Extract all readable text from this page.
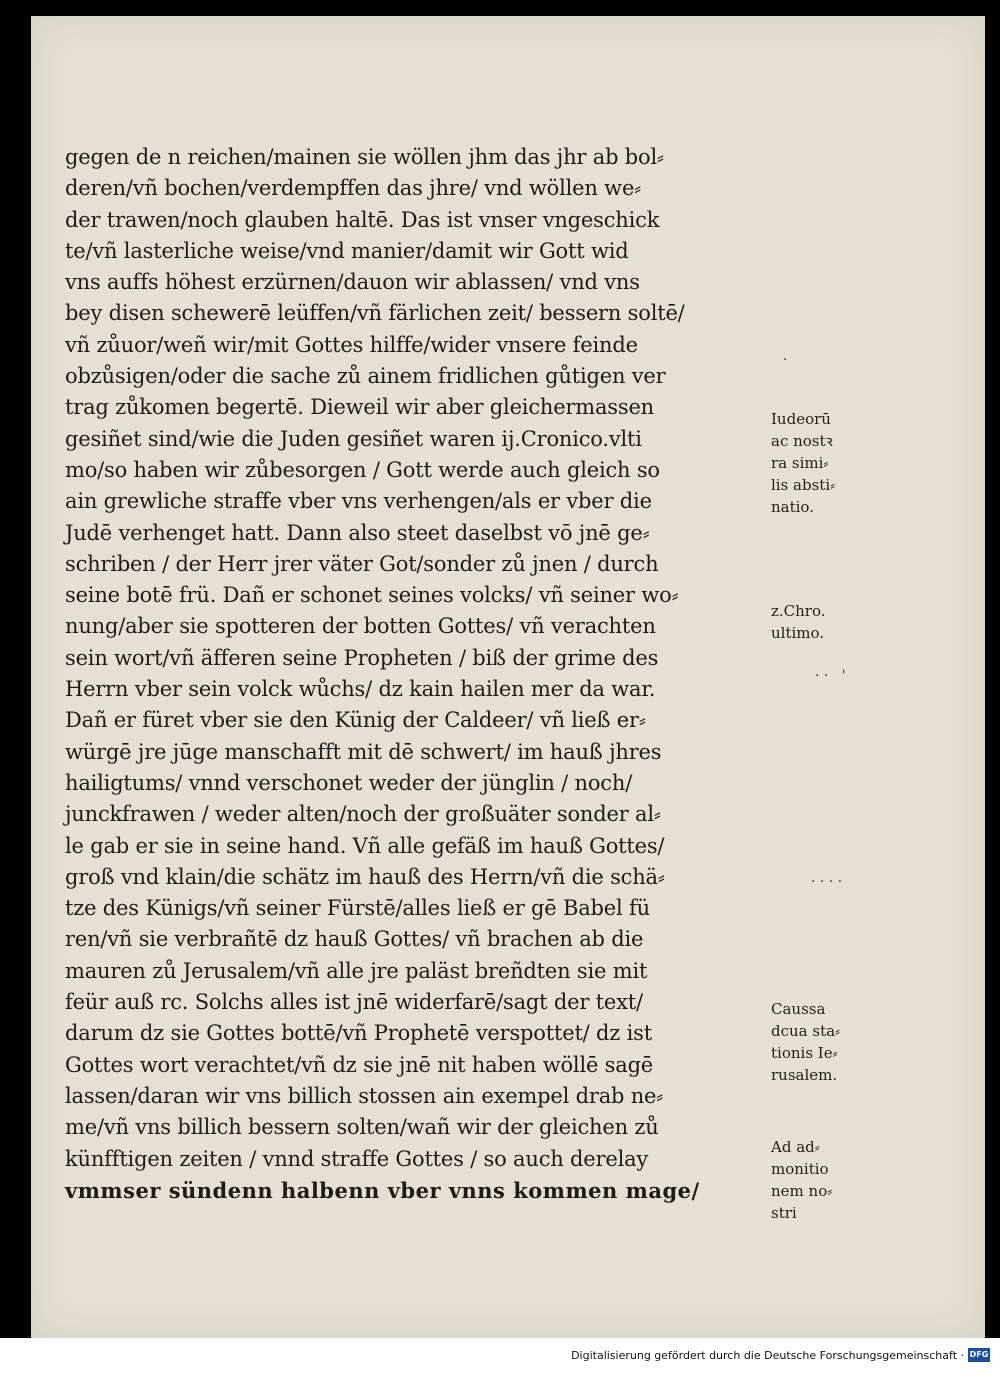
gegen de n reichen/mainen sie wöllen jhm das jhr ab bol⸗
deren/vñ bochen/verdempffen das jhre/ vnd wöllen we⸗
der trawen/noch glauben haltē. Das ist vnser vngeschick
te/vñ lasterliche weise/vnd manier/damit wir Gott wid
vns auffs höhest erzürnen/dauon wir ablassen/ vnd vns
bey disen schewerē leüffen/vñ färlichen zeit/ bessern soltē/
vñ zůuor/weñ wir/mit Gottes hilffe/wider vnsere feinde
obzůsigen/oder die sache zů ainem fridlichen gůtigen ver
trag zůkomen begertē. Dieweil wir aber gleichermassen
gesiñet sind/wie die Juden gesiñet waren ij.Cronico.vlti
mo/so haben wir zůbesorgen / Gott werde auch gleich so
ain grewliche straffe vber vns verhengen/als er vber die
Judē verhenget hatt. Dann also steet daselbst vō jnē ge⸗
schriben / der Herr jrer väter Got/sonder zů jnen / durch
seine botē frü. Dañ er schonet seines volcks/ vñ seiner wo⸗
nung/aber sie spotteren der botten Gottes/ vñ verachten
sein wort/vñ äfferen seine Propheten / biß der grime des
Herrn vber sein volck wůchs/ dz kain hailen mer da war.
Dañ er füret vber sie den Künig der Caldeer/ vñ ließ er⸗
würgē jre jūge manschafft mit dē schwert/ im hauß jhres
hailigtums/ vnnd verschonet weder der jünglin / noch/
junckfrawen / weder alten/noch der großuäter sonder al⸗
le gab er sie in seine hand. Vñ alle gefäß im hauß Gottes/
groß vnd klain/die schätz im hauß des Herrn/vñ die schä⸗
tze des Künigs/vñ seiner Fürstē/alles ließ er gē Babel fü
ren/vñ sie verbrañtē dz hauß Gottes/ vñ brachen ab die
mauren zů Jerusalem/vñ alle jre paläst breñdten sie mit
feür auß rc. Solchs alles ist jnē widerfarē/sagt der text/
darum dz sie Gottes bottē/vñ Prophetē verspottet/ dz ist
Gottes wort verachtet/vñ dz sie jnē nit haben wöllē sagē
lassen/daran wir vns billich stossen ain exempel drab ne⸗
me/vñ vns billich bessern solten/wañ wir der gleichen zů
künfftigen zeiten / vnnd straffe Gottes / so auch derelay
vmmser sündenn halbenn vber vnns kommen mage/
Iudeorū
ac nostꝛ
ra simi⸗
lis absti⸗
natio.
z.Chro.
ultimo.
Caussa
dcua sta⸗
tionis Ie⸗
rusalem.
Ad ad⸗
monitio
nem no⸗
stri
·
· ·   '
· · · ·
Digitalisierung gefördert durch die Deutsche Forschungsgemeinschaft · DFG
